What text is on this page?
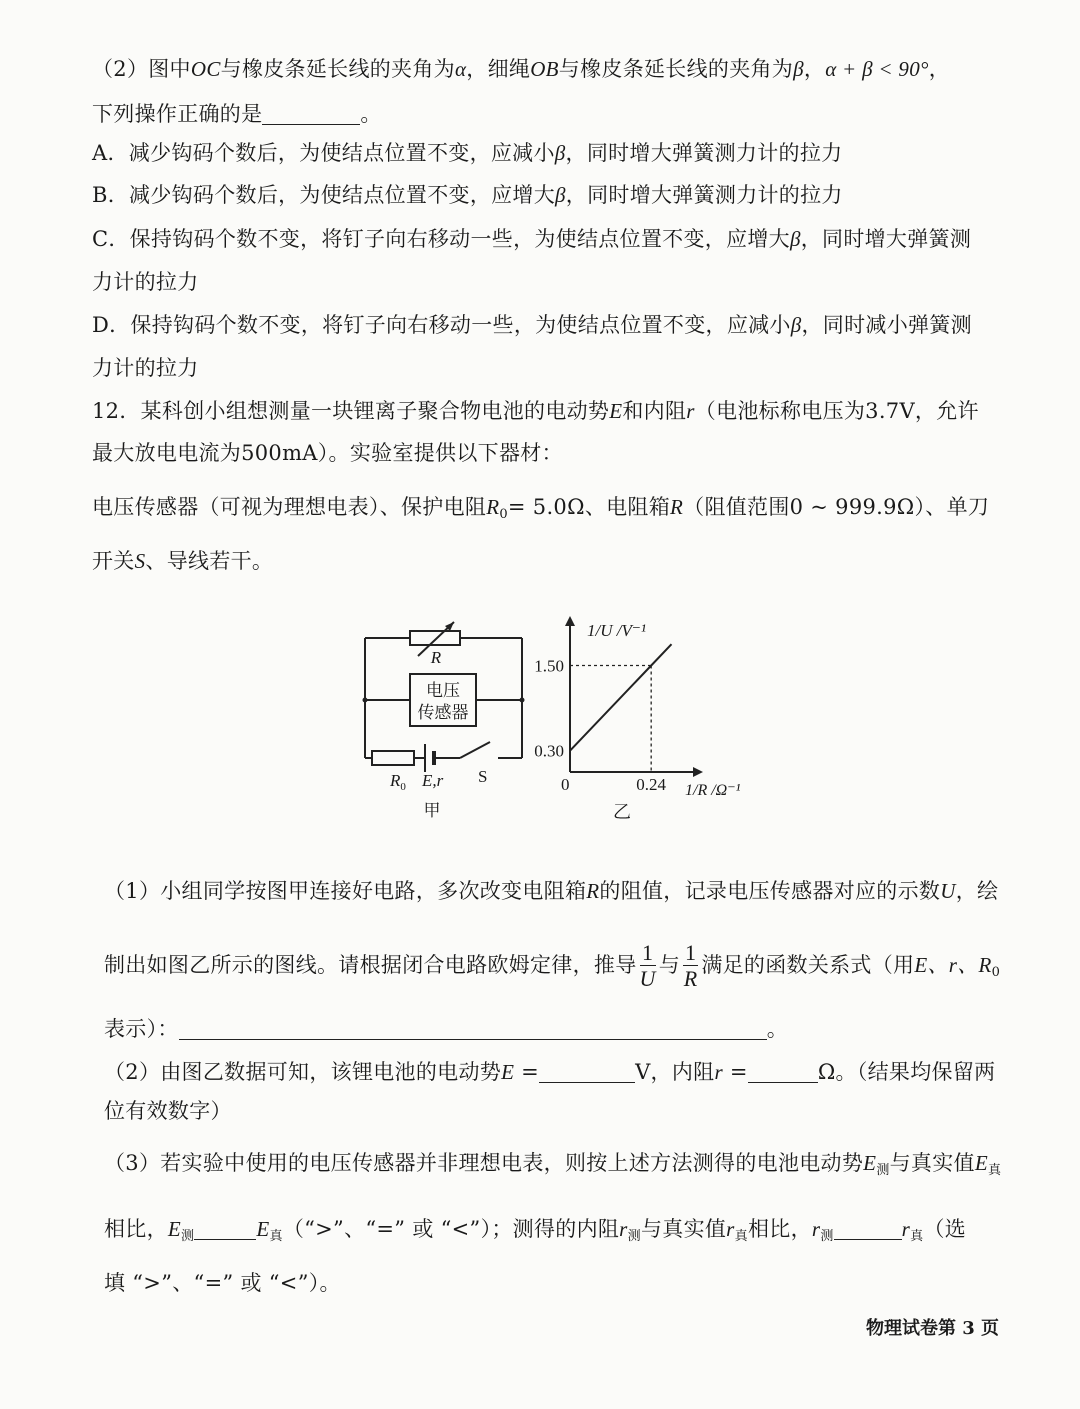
（2）图中OC与橡皮条延长线的夹角为α，细绳OB与橡皮条延长线的夹角为β，α + β < 90°，
下列操作正确的是	。
A．减少钩码个数后，为使结点位置不变，应减小β，同时增大弹簧测力计的拉力
B．减少钩码个数后，为使结点位置不变，应增大β，同时增大弹簧测力计的拉力
C．保持钩码个数不变，将钉子向右移动一些，为使结点位置不变，应增大β，同时增大弹簧测
力计的拉力
D．保持钩码个数不变，将钉子向右移动一些，为使结点位置不变，应减小β，同时减小弹簧测
力计的拉力
12．某科创小组想测量一块锂离子聚合物电池的电动势E和内阻r（电池标称电压为3.7V，允许
最大放电电流为500mA）。实验室提供以下器材：
电压传感器（可视为理想电表）、保护电阻$R_0= 5.0\Omega$、电阻箱R（阻值范围0 ~ 999.9Ω）、单刀
开关S、导线若干。
R
电压
传感器
$R_0$ E,r S
甲
0.30
1.50
0.24
1/U /V⁻¹
1/R /Ω⁻¹
0
乙
（1）小组同学按图甲连接好电路，多次改变电阻箱R的阻值，记录电压传感器对应的示数U，绘
制出如图乙所示的图线。请根据闭合电路欧姆定律，推导 $\frac{1}{U}$ 与 $\frac{1}{R}$ 满足的函数关系式（用E、r、$R_0$
表示）：	。
（2）由图乙数据可知，该锂电池的电动势E =	V，内阻r =	Ω。（结果均保留两
位有效数字）
（3）若实验中使用的电压传感器并非理想电表，则按上述方法测得的电池电动势$E_测$与真实值$E_真$
相比，$E_测$	$E_真(“>$”、“=” 或 “<”）；测得的内阻$r_测$与真实值$r_真$相比，$r_测$	$r_真$（选
填 “>”、“=” 或 “<”）。
物理试卷第 3 页
